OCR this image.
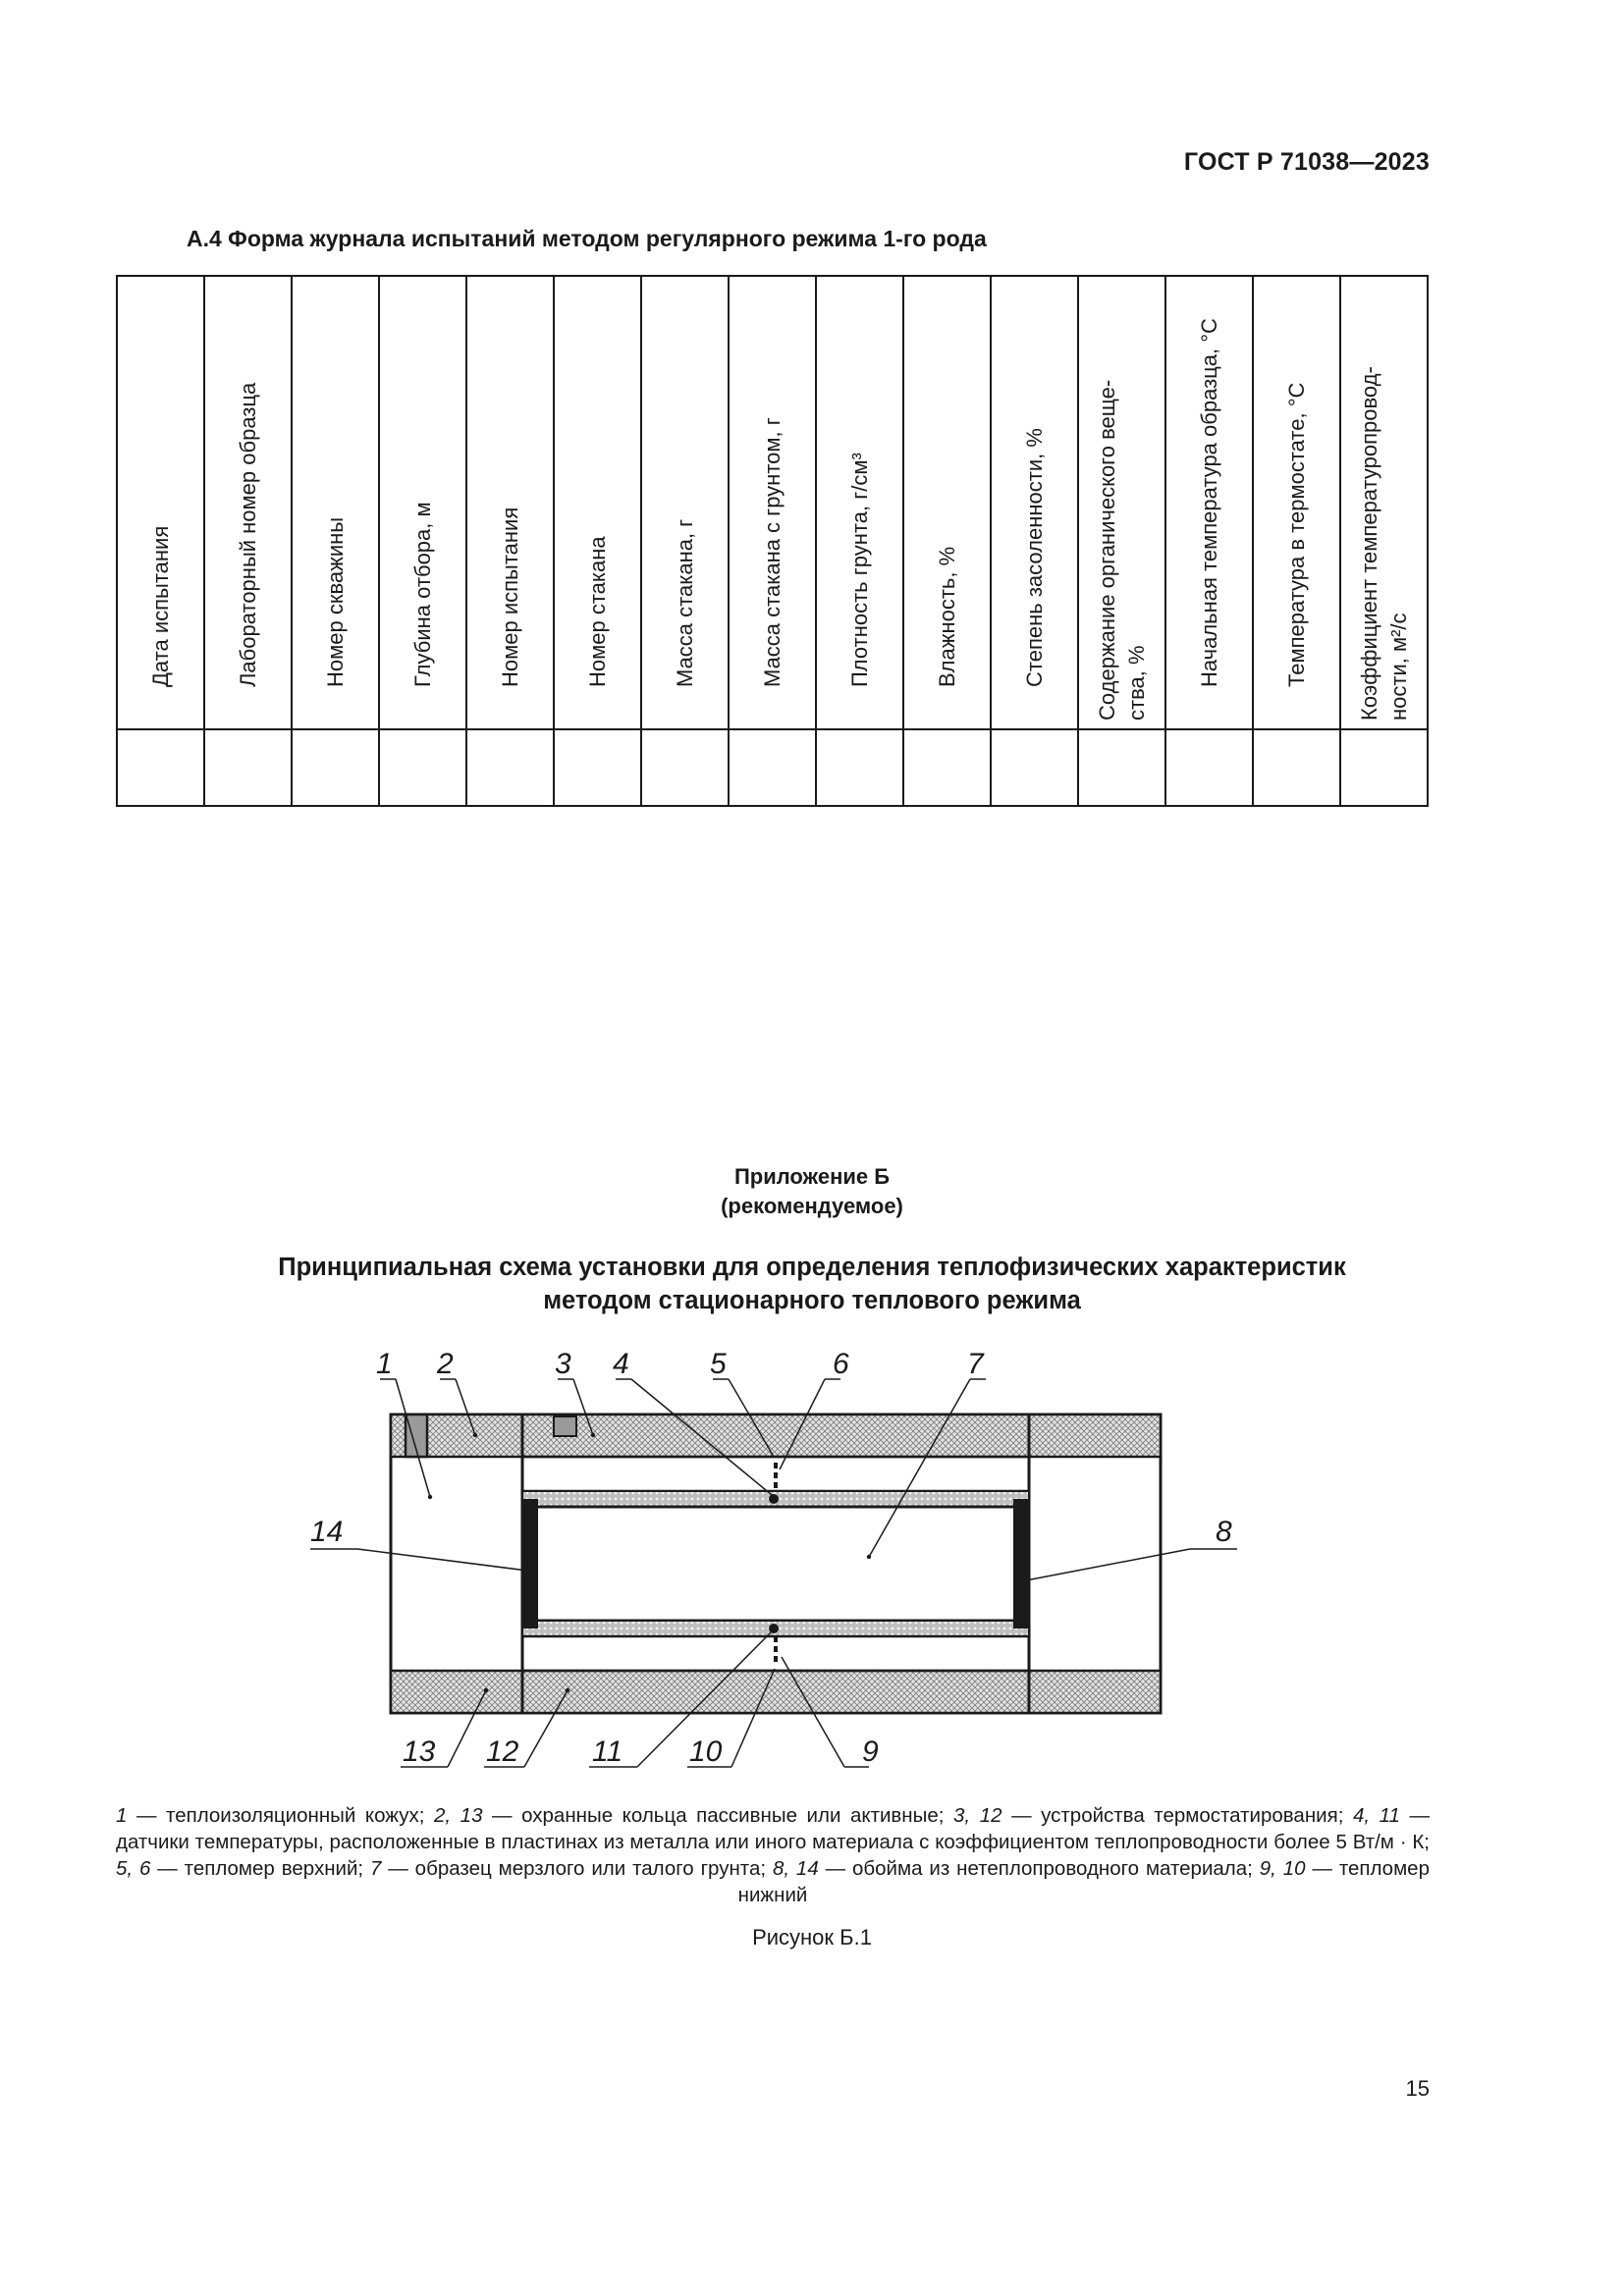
ГОСТ Р 71038—2023
А.4 Форма журнала испытаний методом регулярного режима 1-го рода
Дата испытания	Лабораторный номер образца	Номер скважины	Глубина отбора, м	Номер испытания	Номер стакана	Масса стакана, г	Масса стакана с грунтом, г	Плотность грунта, г/см³	Влажность, %	Степень засоленности, %	Содержание органического веще-
ства, %	Начальная температура образца, °С	Температура в термостате, °С	Коэффициент температуропровод-
ности, м²/с

Приложение Б
(рекомендуемое)
Принципиальная схема установки для определения теплофизических характеристик
методом стационарного теплового режима
1 2	3 4	5	6	7
14	8
13 12 11 10	9
1 — теплоизоляционный кожух; 2, 13 — охранные кольца пассивные или активные; 3, 12 — устройства термостатирования; 4, 11 — датчики температуры, расположенные в пластинах из металла или иного материала с коэффициентом теплопроводности более 5 Вт/м · К; 5, 6 — тепломер верхний; 7 — образец мерзлого или талого грунта; 8, 14 — обойма из нетеплопроводного материала; 9, 10 — тепломер нижний
Рисунок Б.1
15
